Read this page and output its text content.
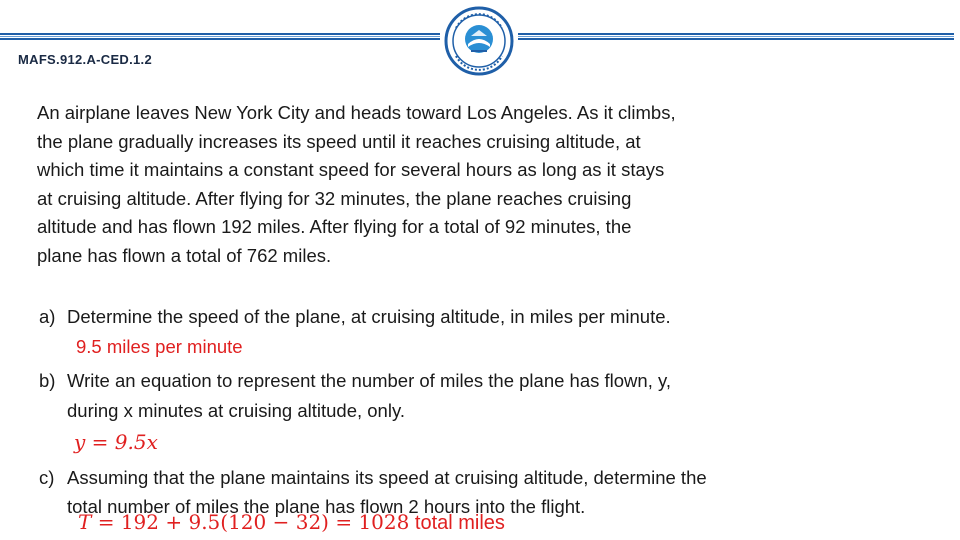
MAFS.912.A-CED.1.2
An airplane leaves New York City and heads toward Los Angeles. As it climbs,
the plane gradually increases its speed until it reaches cruising altitude, at
which time it maintains a constant speed for several hours as long as it stays
at cruising altitude. After flying for 32 minutes, the plane reaches cruising
altitude and has flown 192 miles. After flying for a total of 92 minutes, the
plane has flown a total of 762 miles.
a) Determine the speed of the plane, at cruising altitude, in miles per minute.
9.5 miles per minute
b) Write an equation to represent the number of miles the plane has flown, y,
during x minutes at cruising altitude, only.
y = 9.5x
c) Assuming that the plane maintains its speed at cruising altitude, determine the
total number of miles the plane has flown 2 hours into the flight.
T = 192 + 9.5(120 − 32) = 1028 total miles
